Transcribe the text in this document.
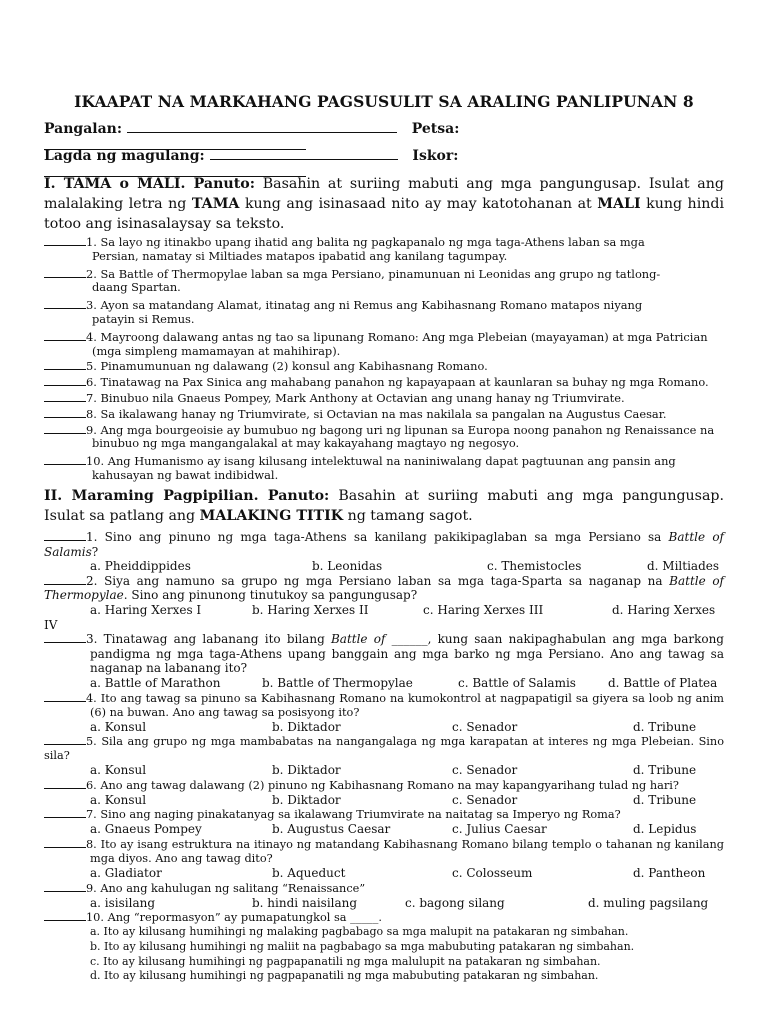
IKAAPAT NA MARKAHANG PAGSUSULIT SA ARALING PANLIPUNAN 8
Pangalan:	Petsa:
Lagda ng magulang:	Iskor:
I. TAMA o MALI. Panuto: Basahin at suriing mabuti ang mga pangungusap. Isulat ang malalaking letra ng TAMA kung ang isinasaad nito ay may katotohanan at MALI kung hindi totoo ang isinasalaysay sa teksto.
1. Sa layo ng itinakbo upang ihatid ang balita ng pagkapanalo ng mga taga-Athens laban sa mga
Persian, namatay si Miltiades matapos ipabatid ang kanilang tagumpay.
2. Sa Battle of Thermopylae laban sa mga Persiano, pinamunuan ni Leonidas ang grupo ng tatlong-
daang Spartan.
3. Ayon sa matandang Alamat, itinatag ang ni Remus ang Kabihasnang Romano matapos niyang
patayin si Remus.
4. Mayroong dalawang antas ng tao sa lipunang Romano: Ang mga Plebeian (mayayaman) at mga Patrician
(mga simpleng mamamayan at mahihirap).
5. Pinamumunuan ng dalawang (2) konsul ang Kabihasnang Romano.
6. Tinatawag na Pax Sinica ang mahabang panahon ng kapayapaan at kaunlaran sa buhay ng mga Romano.
7. Binubuo nila Gnaeus Pompey, Mark Anthony at Octavian ang unang hanay ng Triumvirate.
8. Sa ikalawang hanay ng Triumvirate, si Octavian na mas nakilala sa pangalan na Augustus Caesar.
9. Ang mga bourgeoisie ay bumubuo ng bagong uri ng lipunan sa Europa noong panahon ng Renaissance na
binubuo ng mga mangangalakal at may kakayahang magtayo ng negosyo.
10. Ang Humanismo ay isang kilusang intelektuwal na naniniwalang dapat pagtuunan ang pansin ang
kahusayan ng bawat indibidwal.
II. Maraming Pagpipilian. Panuto: Basahin at suriing mabuti ang mga pangungusap. Isulat sa patlang ang MALAKING TITIK ng tamang sagot.
1. Sino ang pinuno ng mga taga-Athens sa kanilang pakikipaglaban sa mga Persiano sa Battle of Salamis?
a. Pheiddippides	b. Leonidas	c. Themistocles	d. Miltiades
2. Siya ang namuno sa grupo ng mga Persiano laban sa mga taga-Sparta sa naganap na Battle of Thermopylae. Sino ang pinunong tinutukoy sa pangungusap?
a. Haring Xerxes I	b. Haring Xerxes II	c. Haring Xerxes III	d. Haring Xerxes
IV
3. Tinatawag ang labanang ito bilang Battle of ______, kung saan nakipaghabulan ang mga barkong pandigma ng mga taga-Athens upang banggain ang mga barko ng mga Persiano. Ano ang tawag sa naganap na labanang ito?
a. Battle of Marathon	b. Battle of Thermopylae	c. Battle of Salamis	d. Battle of Platea
4. Ito ang tawag sa pinuno sa Kabihasnang Romano na kumokontrol at nagpapatigil sa giyera sa loob ng anim (6) na buwan. Ano ang tawag sa posisyong ito?
a. Konsul	b. Diktador	c. Senador	d. Tribune
5. Sila ang grupo ng mga mambabatas na nangangalaga ng mga karapatan at interes ng mga Plebeian. Sino sila?
a. Konsul	b. Diktador	c. Senador	d. Tribune
6. Ano ang tawag dalawang (2) pinuno ng Kabihasnang Romano na may kapangyarihang tulad ng hari?
a. Konsul	b. Diktador	c. Senador	d. Tribune
7. Sino ang naging pinakatanyag sa ikalawang Triumvirate na naitatag sa Imperyo ng Roma?
a. Gnaeus Pompey	b. Augustus Caesar	c. Julius Caesar	d. Lepidus
8. Ito ay isang estruktura na itinayo ng matandang Kabihasnang Romano bilang templo o tahanan ng kanilang mga diyos. Ano ang tawag dito?
a. Gladiator	b. Aqueduct	c. Colosseum	d. Pantheon
9. Ano ang kahulugan ng salitang “Renaissance”
a. isisilang	b. hindi naisilang	c. bagong silang	d. muling pagsilang
10. Ang “repormasyon” ay pumapatungkol sa _____.
a. Ito ay kilusang humihingi ng malaking pagbabago sa mga malupit na patakaran ng simbahan.
b. Ito ay kilusang humihingi ng maliit na pagbabago sa mga mabubuting patakaran ng simbahan.
c. Ito ay kilusang humihingi ng pagpapanatili ng mga malulupit na patakaran ng simbahan.
d. Ito ay kilusang humihingi ng pagpapanatili ng mga mabubuting patakaran ng simbahan.
